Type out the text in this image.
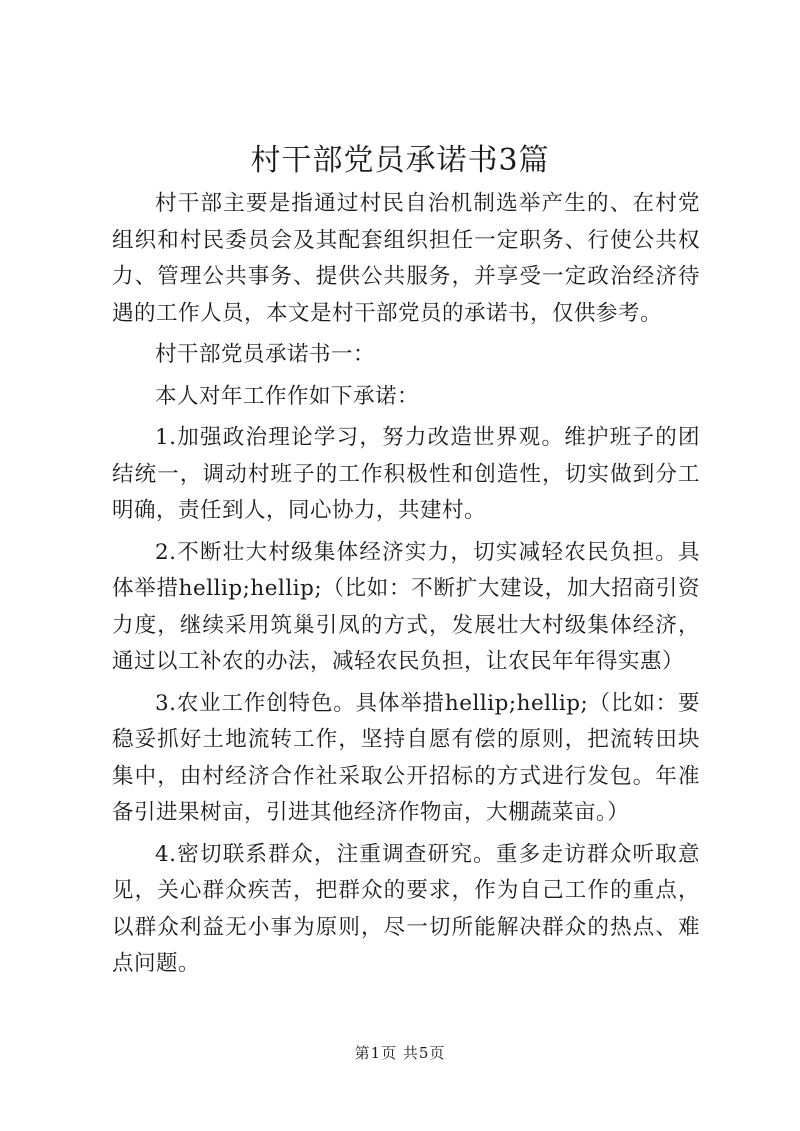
村干部党员承诺书3篇

村干部主要是指通过村民自治机制选举产生的、在村党组织和村民委员会及其配套组织担任一定职务、行使公共权力、管理公共事务、提供公共服务，并享受一定政治经济待遇的工作人员，本文是村干部党员的承诺书，仅供参考。

村干部党员承诺书一：

本人对年工作作如下承诺：

1.加强政治理论学习，努力改造世界观。维护班子的团结统一，调动村班子的工作积极性和创造性，切实做到分工明确，责任到人，同心协力，共建村。

2.不断壮大村级集体经济实力，切实减轻农民负担。具体举措hellip;hellip;（比如：不断扩大建设，加大招商引资力度，继续采用筑巢引凤的方式，发展壮大村级集体经济，通过以工补农的办法，减轻农民负担，让农民年年得实惠）

3.农业工作创特色。具体举措hellip;hellip;（比如：要稳妥抓好土地流转工作，坚持自愿有偿的原则，把流转田块集中，由村经济合作社采取公开招标的方式进行发包。年准备引进果树亩，引进其他经济作物亩，大棚蔬菜亩。）

4.密切联系群众，注重调查研究。重多走访群众听取意见，关心群众疾苦，把群众的要求，作为自己工作的重点，以群众利益无小事为原则，尽一切所能解决群众的热点、难点问题。

第1页 共5页
